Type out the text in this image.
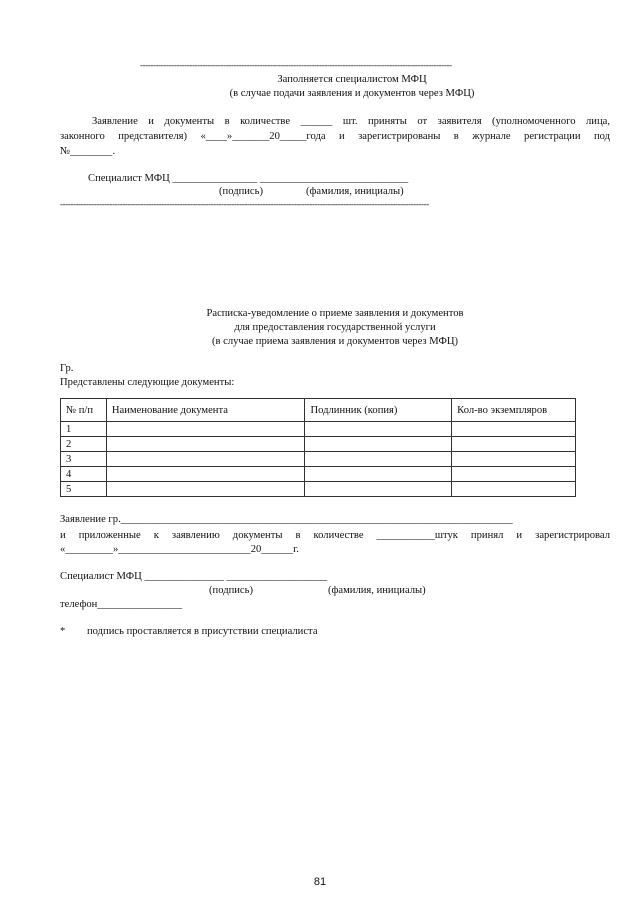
------------------------------------------------------------------------------------------------------------------------
Заполняется специалистом МФЦ
(в случае подачи заявления и документов через МФЦ)
Заявление и документы в количестве ______ шт. приняты от заявителя (уполномоченного лица,
законного представителя) «____»_______20_____года и зарегистрированы в журнале регистрации под
№________.
Специалист МФЦ ________________ ____________________________
(подпись)	(фамилия, инициалы)
----------------------------------------------------------------------------------------------------------------------------------------------
Расписка-уведомление о приеме заявления и документов
для предоставления государственной услуги
(в случае приема заявления и документов через МФЦ)
Гр.
Представлены следующие документы:
№ п/п	Наименование документа	Подлинник (копия)	Кол-во экземпляров
1			
2			
3			
4			
5			
Заявление гр.__________________________________________________________________________
и приложенные к заявлению документы в количестве ___________штук принял и зарегистрировал
«_________»_________________________20______г.
Специалист МФЦ _______________ ___________________
(подпись)	(фамилия, инициалы)
телефон________________
* подпись проставляется в присутствии специалиста
81
